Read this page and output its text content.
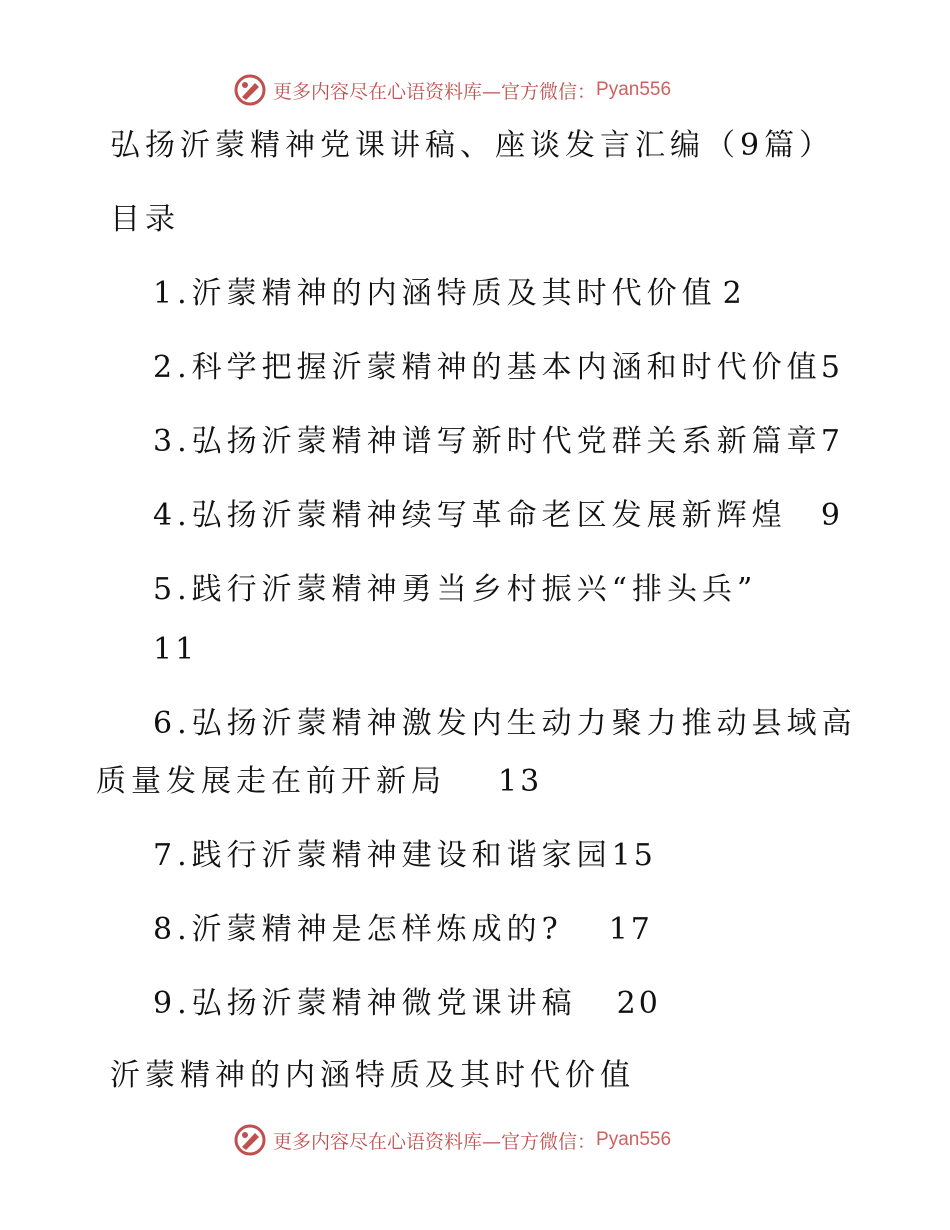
更多内容尽在心语资料库—官方微信： Pyan556
弘扬沂蒙精神党课讲稿、座谈发言汇编（9篇）
目录
1.沂蒙精神的内涵特质及其时代价值 2
2.科学把握沂蒙精神的基本内涵和时代价值 5
3.弘扬沂蒙精神谱写新时代党群关系新篇章 7
4.弘扬沂蒙精神续写革命老区发展新辉煌 9
5.践行沂蒙精神勇当乡村振兴“排头兵”
11
6.弘扬沂蒙精神激发内生动力聚力推动县域高
质量发展走在前开新局 13
7.践行沂蒙精神建设和谐家园15
8.沂蒙精神是怎样炼成的? 17
9.弘扬沂蒙精神微党课讲稿 20
沂蒙精神的内涵特质及其时代价值
更多内容尽在心语资料库—官方微信： Pyan556
